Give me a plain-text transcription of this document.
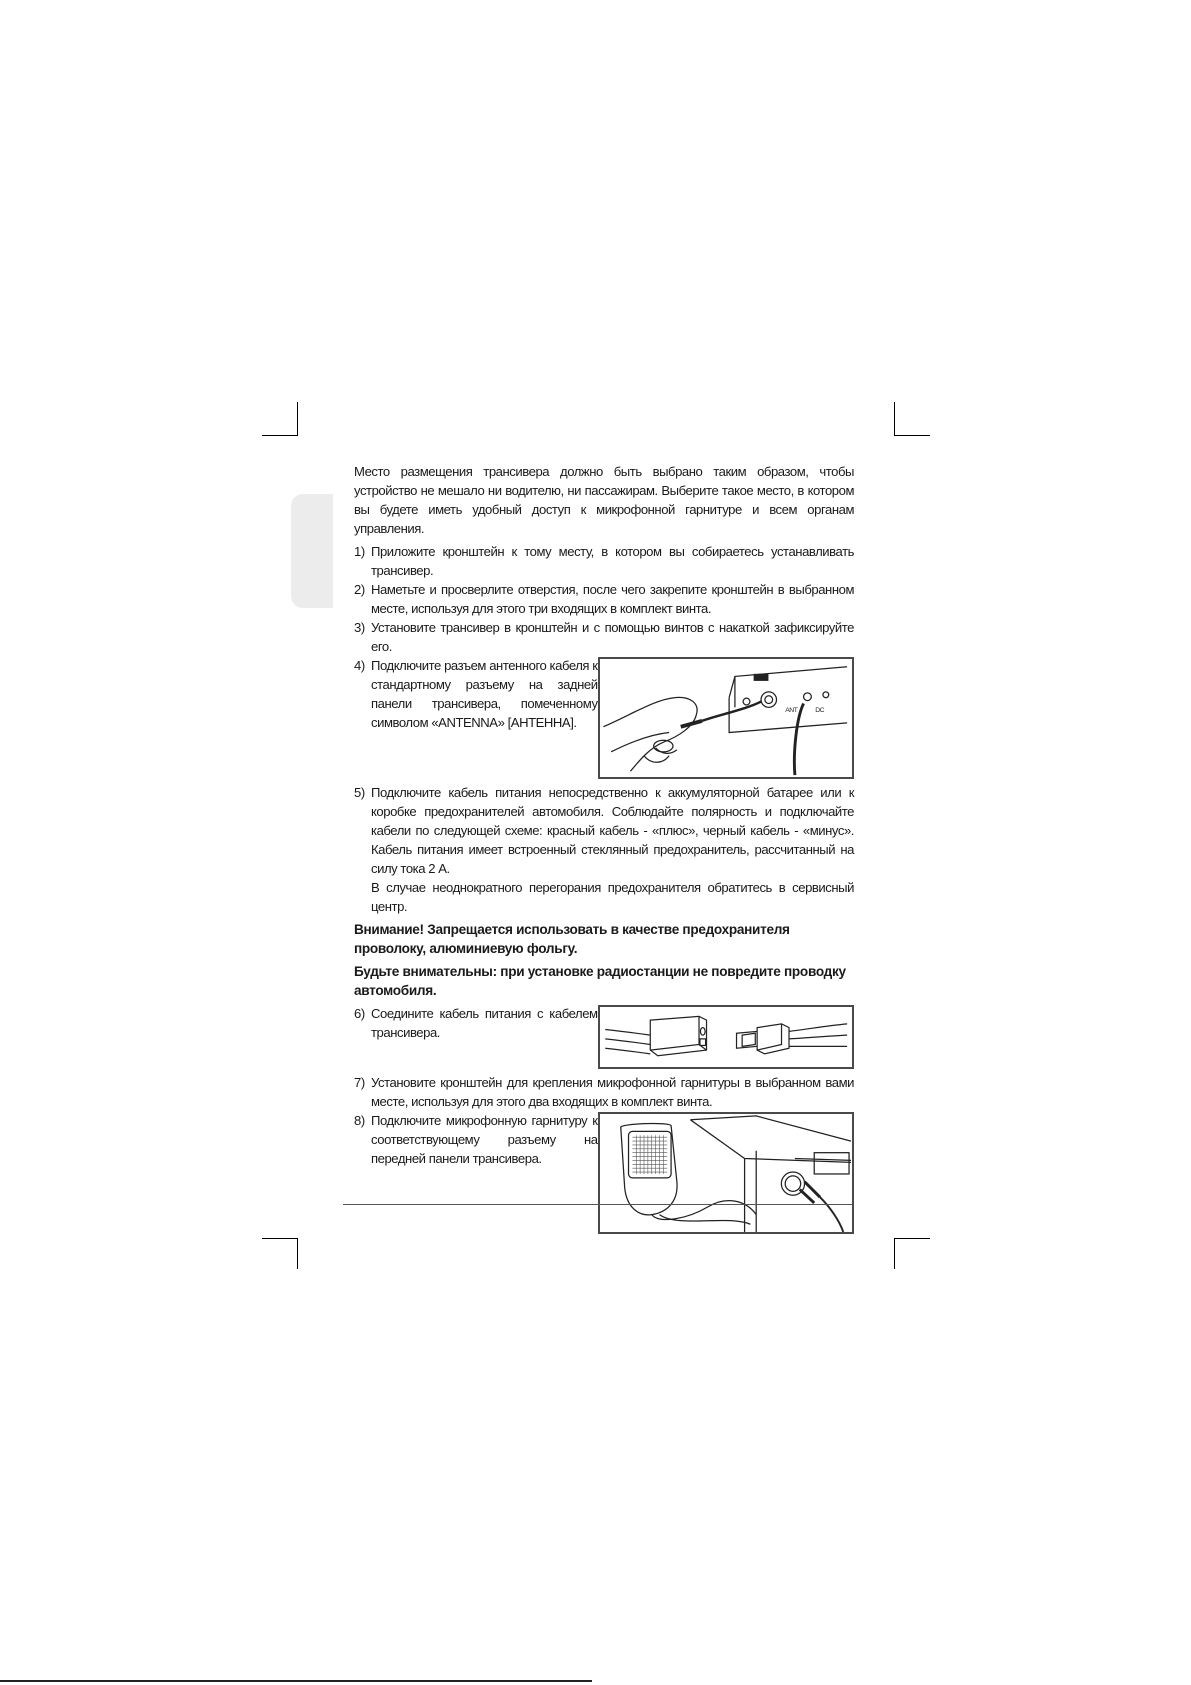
Место размещения трансивера должно быть выбрано таким образом, чтобы устройство не мешало ни водителю, ни пассажирам. Выберите такое место, в котором вы будете иметь удобный доступ к микрофонной гарнитуре и всем органам управления.

1) Приложите кронштейн к тому месту, в котором вы собираетесь устанавливать трансивер.

2) Наметьте и просверлите отверстия, после чего закрепите кронштейн в выбранном месте, используя для этого три входящих в комплект винта.

3) Установите трансивер в кронштейн и с помощью винтов с накаткой зафиксируйте его.

4) Подключите разъем антенного кабеля к стандартному разъему на задней панели трансивера, помеченному символом «ANTENNA» [АНТЕННА].

ANT	DC

5) Подключите кабель питания непосредственно к аккумуляторной батарее или к коробке предохранителей автомобиля. Соблюдайте полярность и подключайте кабели по следующей схеме: красный кабель - «плюс», черный кабель - «минус». Кабель питания имеет встроенный стеклянный предохранитель, рассчитанный на силу тока 2 А.
В случае неоднократного перегорания предохранителя обратитесь в сервисный центр.

Внимание! Запрещается использовать в качестве предохранителя проволоку, алюминиевую фольгу.

Будьте внимательны: при установке радиостанции не повредите проводку автомобиля.

6) Соедините кабель питания с кабелем трансивера.

7) Установите кронштейн для крепления микрофонной гарнитуры в выбранном вами месте, используя для этого два входящих в комплект винта.

8) Подключите микрофонную гарнитуру к соответствующему разъему на передней панели трансивера.
